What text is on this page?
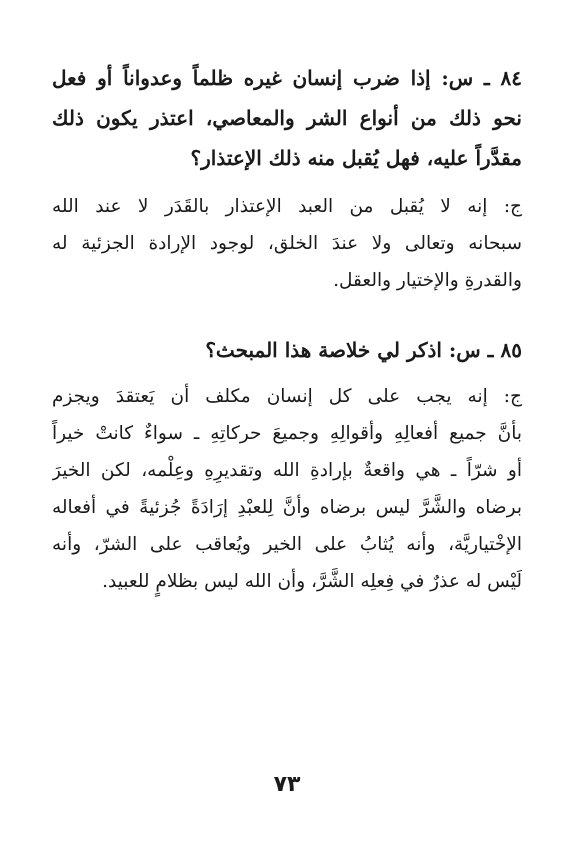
٨٤ ـ س: إذا ضرب إنسان غيره ظلماً وعدواناً أو فعل
نحو ذلك من أنواع الشر والمعاصي، اعتذر يكون ذلك
مقدَّراً عليه، فهل يُقبل منه ذلك الإعتذار؟
ج: إنه لا يُقبل من العبد الإعتذار بالقَدَر لا عند الله
سبحانه وتعالى ولا عندَ الخلق، لوجود الإرادة الجزئية له
والقدرةِ والإختيار والعقل.
٨٥ ـ س: اذكر لي خلاصة هذا المبحث؟
ج: إنه يجب على كل إنسان مكلف أن يَعتقدَ ويجزم
بأنَّ جميع أفعالِهِ وأقوالِهِ وجميعَ حركاتِهِ ـ سواءٌ كانتْ خيراً
أو شرّاً ـ هي واقعةٌ بإرادةِ الله وتقديرِهِ وعِلْمه، لكن الخيرَ
برضاه والشَّرَّ ليس برضاه وأنَّ لِلعبْدِ إرَادَةً جُزئيةً في أفعاله
الإخْتياريَّة، وأنه يُثابُ على الخير ويُعاقب على الشرّ، وأنه
لَيْس له عذرٌ في فِعلِه الشَّرَّ، وأن الله ليس بظلامٍ للعبيد.
٧٣
